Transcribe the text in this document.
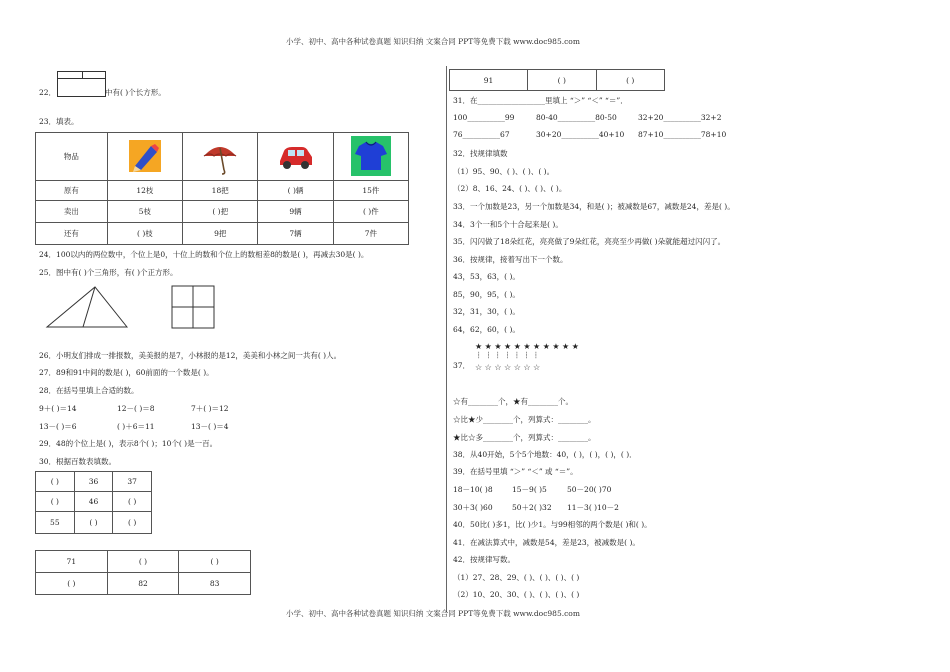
小学、初中、高中各种试卷真题 知识归纳 文案合同 PPT等免费下载 www.doc985.com
22．	中有( )个长方形。
23．填表。
物品				
原有	12枝	18把	( )辆	15件
卖出	5枝	( )把	9辆	( )件
还有	( )枝	9把	7辆	7件
24．100以内的两位数中，个位上是0，十位上的数和个位上的数相差8的数是( )，再减去30是( )。
25．图中有( )个三角形，有( )个正方形。
26．小明友们排成一排报数，美美报的是7，小林报的是12，美美和小林之间一共有( )人。
27．89和91中间的数是( )，60前面的一个数是( )。
28．在括号里填上合适的数。
9＋( )＝14	12－( )＝8	7＋( )＝12
13－( )＝6	( )＋6＝11	13－( )＝4
29．48的个位上是( )，表示8个( )；10个( )是一百。
30．根据百数表填数。
( )	36	37
( )	46	( )
55	( )	( )
71	( )	( )
( )	82	83
91	( )	( )
31．在__________________里填上 “＞” “＜” “＝”．
100__________99	80-40__________80-50	32+20__________32+2
76__________67	30+20__________40+10 87+10__________78+10
32．找规律填数
（1）95、90、( )、( )、( )。
（2）8、16、24、( )、( )、( )。
33．一个加数是23，另一个加数是34，和是( )；被减数是67，减数是24，差是( )。
34．3个一和5个十合起来是( )。
35．闪闪做了18朵红花，亮亮做了9朵红花，亮亮至少再做( )朵就能超过闪闪了。
36．按规律，接着写出下一个数。
43，53，63，( )。
85，90，95，( )。
32，31，30，( )。
64，62，60，( )。
37．
★★★★★★★★★★★
┆ ┆ ┆ ┆ ┆ ┆ ┆
☆☆☆☆☆☆☆
☆有________个，★有________个。
☆比★少________个，列算式：________。
★比☆多________个，列算式：________。
38．从40开始，5个5个地数：40，( )，( )，( )，( )．
39．在括号里填 “＞” “＜” 或 “＝”。
18－10( )8	15－9( )5	50－20( )70
30＋3( )60	50＋2( )32 11－3( )10－2
40．50比( )多1，比( )少1。与99相邻的两个数是( )和( )。
41．在减法算式中，减数是54，差是23，被减数是( )。
42．按规律写数。
（1）27、28、29、( )、( )、( )、( )
（2）10、20、30、( )、( )、( )、( )
小学、初中、高中各种试卷真题 知识归纳 文案合同 PPT等免费下载 www.doc985.com
